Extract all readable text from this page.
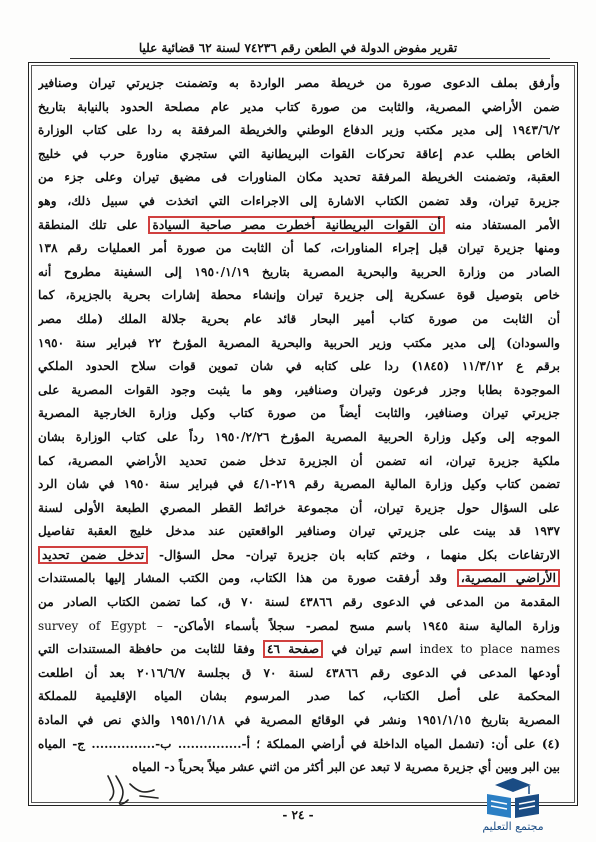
تقرير مفوض الدولة في الطعن رقم ٧٤٢٣٦ لسنة ٦٢ قضائية عليا
وأرفق بملف الدعوى صورة من خريطة مصر الواردة به وتضمنت جزيرتي تيران وصنافير
ضمن الأراضي المصرية، والثابت من صورة كتاب مدير عام مصلحة الحدود بالنيابة بتاريخ
١٩٤٣/٦/٢ إلى مدير مكتب وزير الدفاع الوطني والخريطة المرفقة به ردا على كتاب الوزارة
الخاص بطلب عدم إعاقة تحركات القوات البريطانية التي ستجري مناورة حرب في خليج
العقبة، وتضمنت الخريطة المرفقة تحديد مكان المناورات فى مضيق تيران وعلى جزء من
جزيرة تيران، وقد تضمن الكتاب الاشارة إلى الاجراءات التي اتخذت في سبيل ذلك، وهو
الأمر المستفاد منه أن القوات البريطانية أخطرت مصر صاحبة السيادة على تلك المنطقة
ومنها جزيرة تيران قبل إجراء المناورات، كما أن الثابت من صورة أمر العمليات رقم ١٣٨
الصادر من وزارة الحربية والبحرية المصرية بتاريخ ١٩٥٠/١/١٩ إلى السفينة مطروح أنه
خاص بتوصيل قوة عسكرية إلى جزيرة تيران وإنشاء محطة إشارات بحرية بالجزيرة، كما
أن الثابت من صورة كتاب أمير البحار قائد عام بحرية جلالة الملك (ملك مصر
والسودان) إلى مدير مكتب وزير الحربية والبحرية المصرية المؤرخ ٢٢ فبراير سنة ١٩٥٠
برقم ع ١١/٣/١٢ (١٨٤٥) ردا على كتابه في شان تموين قوات سلاح الحدود الملكي
الموجودة بطابا وجزر فرعون وتيران وصنافير، وهو ما يثبت وجود القوات المصرية على
جزيرتي تيران وصنافير، والثابت أيضاً من صورة كتاب وكيل وزارة الخارجية المصرية
الموجه إلى وكيل وزارة الحربية المصرية المؤرخ ١٩٥٠/٢/٢٦ رداً على كتاب الوزارة بشان
ملكية جزيرة تيران، انه تضمن أن الجزيرة تدخل ضمن تحديد الأراضي المصرية، كما
تضمن كتاب وكيل وزارة المالية المصرية رقم ٢١٩-٤/١ في فبراير سنة ١٩٥٠ في شان الرد
على السؤال حول جزيرة تيران، أن مجموعة خرائط القطر المصري الطبعة الأولى لسنة
١٩٣٧ قد بينت على جزيرتي تيران وصنافير الواقعتين عند مدخل خليج العقبة تفاصيل
الارتفاعات بكل منهما ، وختم كتابه بان جزيرة تيران- محل السؤال- تدخل ضمن تحديد
الأراضي المصرية، وقد أرفقت صورة من هذا الكتاب، ومن الكتب المشار إليها بالمستندات
المقدمة من المدعى في الدعوى رقم ٤٣٨٦٦ لسنة ٧٠ ق، كما تضمن الكتاب الصادر من
وزارة المالية سنة ١٩٤٥ باسم مسح لمصر- سجلاً بأسماء الأماكن- survey of Egypt –
index to place names اسم تيران في صفحة ٤٦ وفقا للثابت من حافظة المستندات التي
أودعها المدعى في الدعوى رقم ٤٣٨٦٦ لسنة ٧٠ ق بجلسة ٢٠١٦/٦/٧ بعد أن اطلعت
المحكمة على أصل الكتاب، كما صدر المرسوم بشان المياه الإقليمية للمملكة
المصرية بتاريخ ١٩٥١/١/١٥ ونشر في الوقائع المصرية في ١٩٥١/١/١٨ والذي نص في المادة
(٤) على أن: (تشمل المياه الداخلة في أراضي المملكة ؛ أ-............... ب-............... ج- المياه
بين البر وبين أي جزيرة مصرية لا تبعد عن البر أكثر من اثني عشر ميلاً بحرياً د- المياه
- ٢٤ -
مجتمع التعليم
